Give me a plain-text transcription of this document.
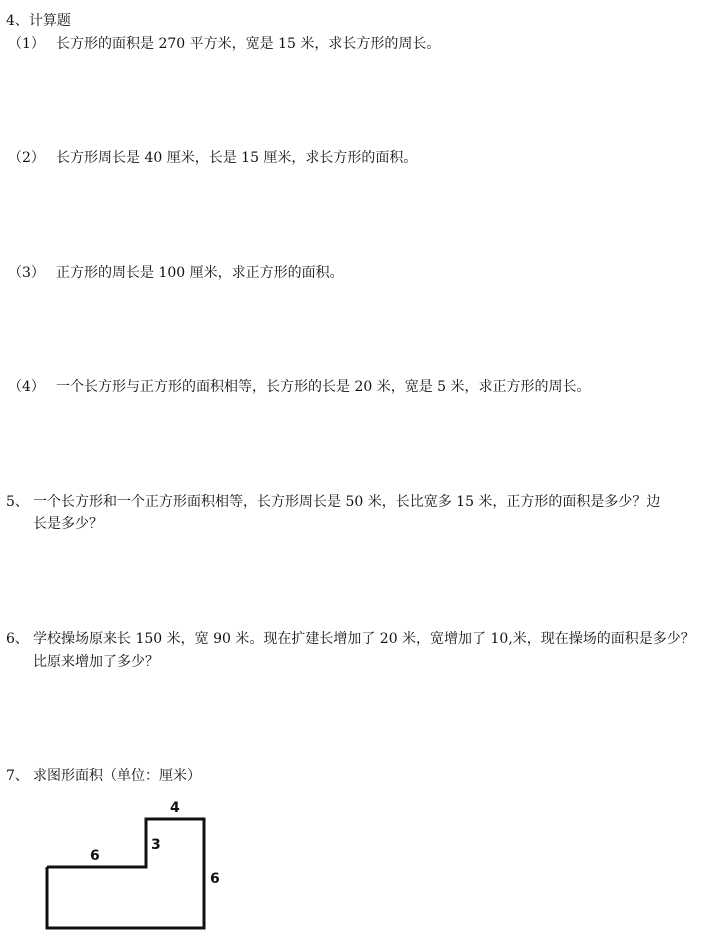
4、计算题
（1） 长方形的面积是 270 平方米，宽是 15 米，求长方形的周长。
（2） 长方形周长是 40 厘米，长是 15 厘米，求长方形的面积。
（3） 正方形的周长是 100 厘米，求正方形的面积。
（4） 一个长方形与正方形的面积相等，长方形的长是 20 米，宽是 5 米，求正方形的周长。
5、 一个长方形和一个正方形面积相等，长方形周长是 50 米，长比宽多 15 米，正方形的面积是多少？边
长是多少？
6、 学校操场原来长 150 米，宽 90 米。现在扩建长增加了 20 米，宽增加了 10,米，现在操场的面积是多少？
比原来增加了多少？
7、 求图形面积（单位：厘米）
4
6
3
6
